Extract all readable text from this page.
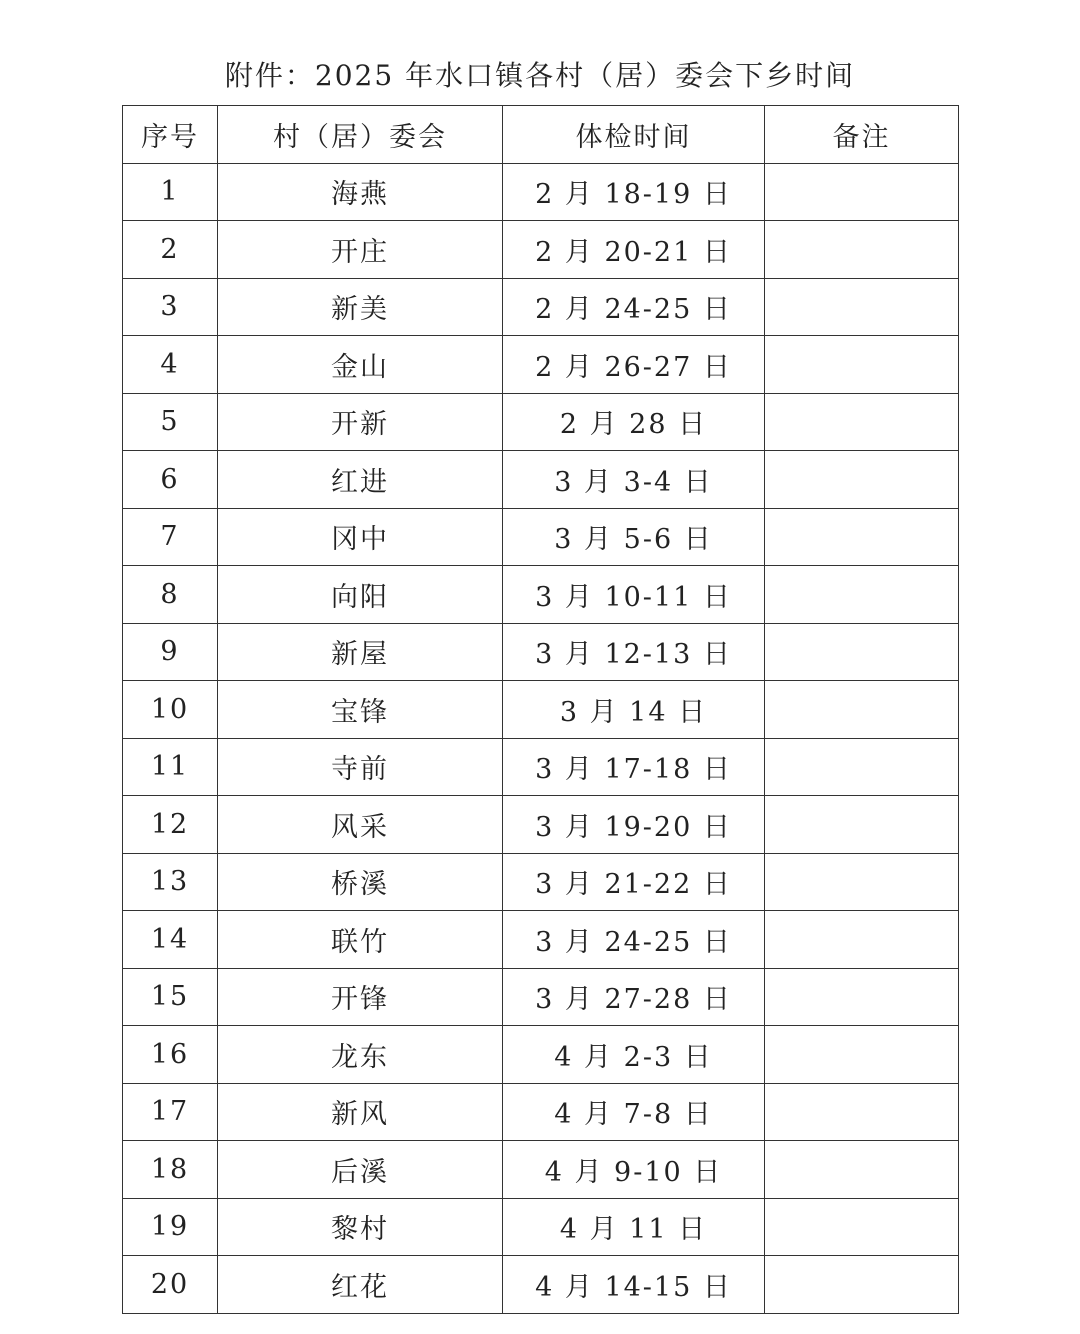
附件：2025 年水口镇各村（居）委会下乡时间
序号	村（居）委会	体检时间	备注
1	海燕	2 月 18-19 日	
2	开庄	2 月 20-21 日	
3	新美	2 月 24-25 日	
4	金山	2 月 26-27 日	
5	开新	2 月 28 日	
6	红进	3 月 3-4 日	
7	冈中	3 月 5-6 日	
8	向阳	3 月 10-11 日	
9	新屋	3 月 12-13 日	
10	宝锋	3 月 14 日	
11	寺前	3 月 17-18 日	
12	风采	3 月 19-20 日	
13	桥溪	3 月 21-22 日	
14	联竹	3 月 24-25 日	
15	开锋	3 月 27-28 日	
16	龙东	4 月 2-3 日	
17	新风	4 月 7-8 日	
18	后溪	4 月 9-10 日	
19	黎村	4 月 11 日	
20	红花	4 月 14-15 日	
